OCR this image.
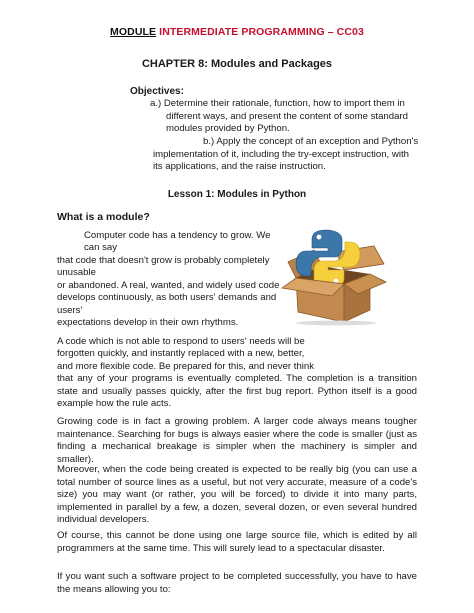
MODULE INTERMEDIATE PROGRAMMING – CC03
CHAPTER 8: Modules and Packages
Objectives:
a.) Determine their rationale, function, how to import them in
different ways, and present the content of some standard
modules provided by Python.
b.) Apply the concept of an exception and Python's
implementation of it, including the try-except instruction, with
its applications, and the raise instruction.
Lesson 1: Modules in Python
What is a module?
Computer code has a tendency to grow. We
can say
that code that doesn't grow is probably completely
unusable
or abandoned. A real, wanted, and widely used code
develops continuously, as both users' demands and
users'
expectations develop in their own rhythms.
A code which is not able to respond to users' needs will be
forgotten quickly, and instantly replaced with a new, better,
and more flexible code. Be prepared for this, and never think
that any of your programs is eventually completed. The completion is a transition state and usually passes quickly, after the first bug report. Python itself is a good example how the rule acts.
Growing code is in fact a growing problem. A larger code always means tougher maintenance. Searching for bugs is always easier where the code is smaller (just as finding a mechanical breakage is simpler when the machinery is simpler and smaller).
Moreover, when the code being created is expected to be really big (you can use a total number of source lines as a useful, but not very accurate, measure of a code's size) you may want (or rather, you will be forced) to divide it into many parts, implemented in parallel by a few, a dozen, several dozen, or even several hundred individual developers.
Of course, this cannot be done using one large source file, which is edited by all programmers at the same time. This will surely lead to a spectacular disaster.
If you want such a software project to be completed successfully, you have to have the means allowing you to:
